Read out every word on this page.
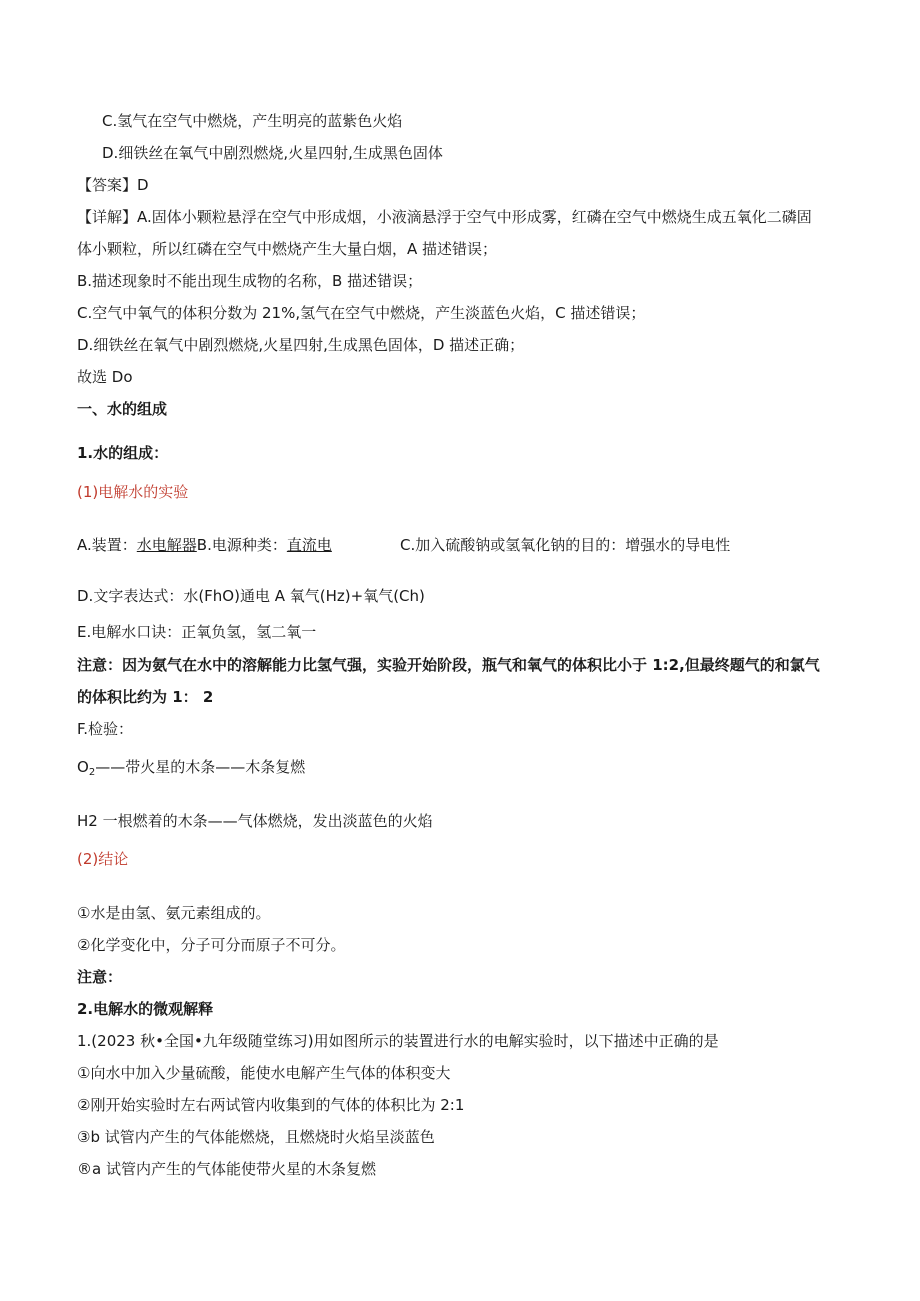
C.氢气在空气中燃烧，产生明亮的蓝紫色火焰
D.细铁丝在氧气中剧烈燃烧,火星四射,生成黑色固体
【答案】D
【详解】A.固体小颗粒悬浮在空气中形成烟，小液滴悬浮于空气中形成雾，红磷在空气中燃烧生成五氧化二磷固
体小颗粒，所以红磷在空气中燃烧产生大量白烟，A 描述错误；
B.描述现象时不能出现生成物的名称，B 描述错误；
C.空气中氧气的体积分数为 21%,氢气在空气中燃烧，产生淡蓝色火焰，C 描述错误；
D.细铁丝在氧气中剧烈燃烧,火星四射,生成黑色固体，D 描述正确；
故选 Do
一、水的组成
1.水的组成：
(1)电解水的实验
A.装置：水电解器B.电源种类：直流电	C.加入硫酸钠或氢氧化钠的目的：增强水的导电性
D.文字表达式：水(FhO)通电 A 氧气(Hz)+氧气(Ch)
E.电解水口诀：正氧负氢，氢二氧一
注意：因为氨气在水中的溶解能力比氢气强，实验开始阶段，瓶气和氧气的体积比小于 1:2,但最终题气的和氯气
的体积比约为 1： 2
F.检验：
$O_2——$带火星的木条——木条复燃
H2 一根燃着的木条——气体燃烧，发出淡蓝色的火焰
(2)结论
①水是由氢、氨元素组成的。
②化学变化中，分子可分而原子不可分。
注意：
2.电解水的微观解释
1.(2023 秋•全国•九年级随堂练习)用如图所示的装置进行水的电解实验时，以下描述中正确的是
①向水中加入少量硫酸，能使水电解产生气体的体积变大
②刚开始实验时左右两试管内收集到的气体的体积比为 2:1
③b 试管内产生的气体能燃烧，且燃烧时火焰呈淡蓝色
®a 试管内产生的气体能使带火星的木条复燃
